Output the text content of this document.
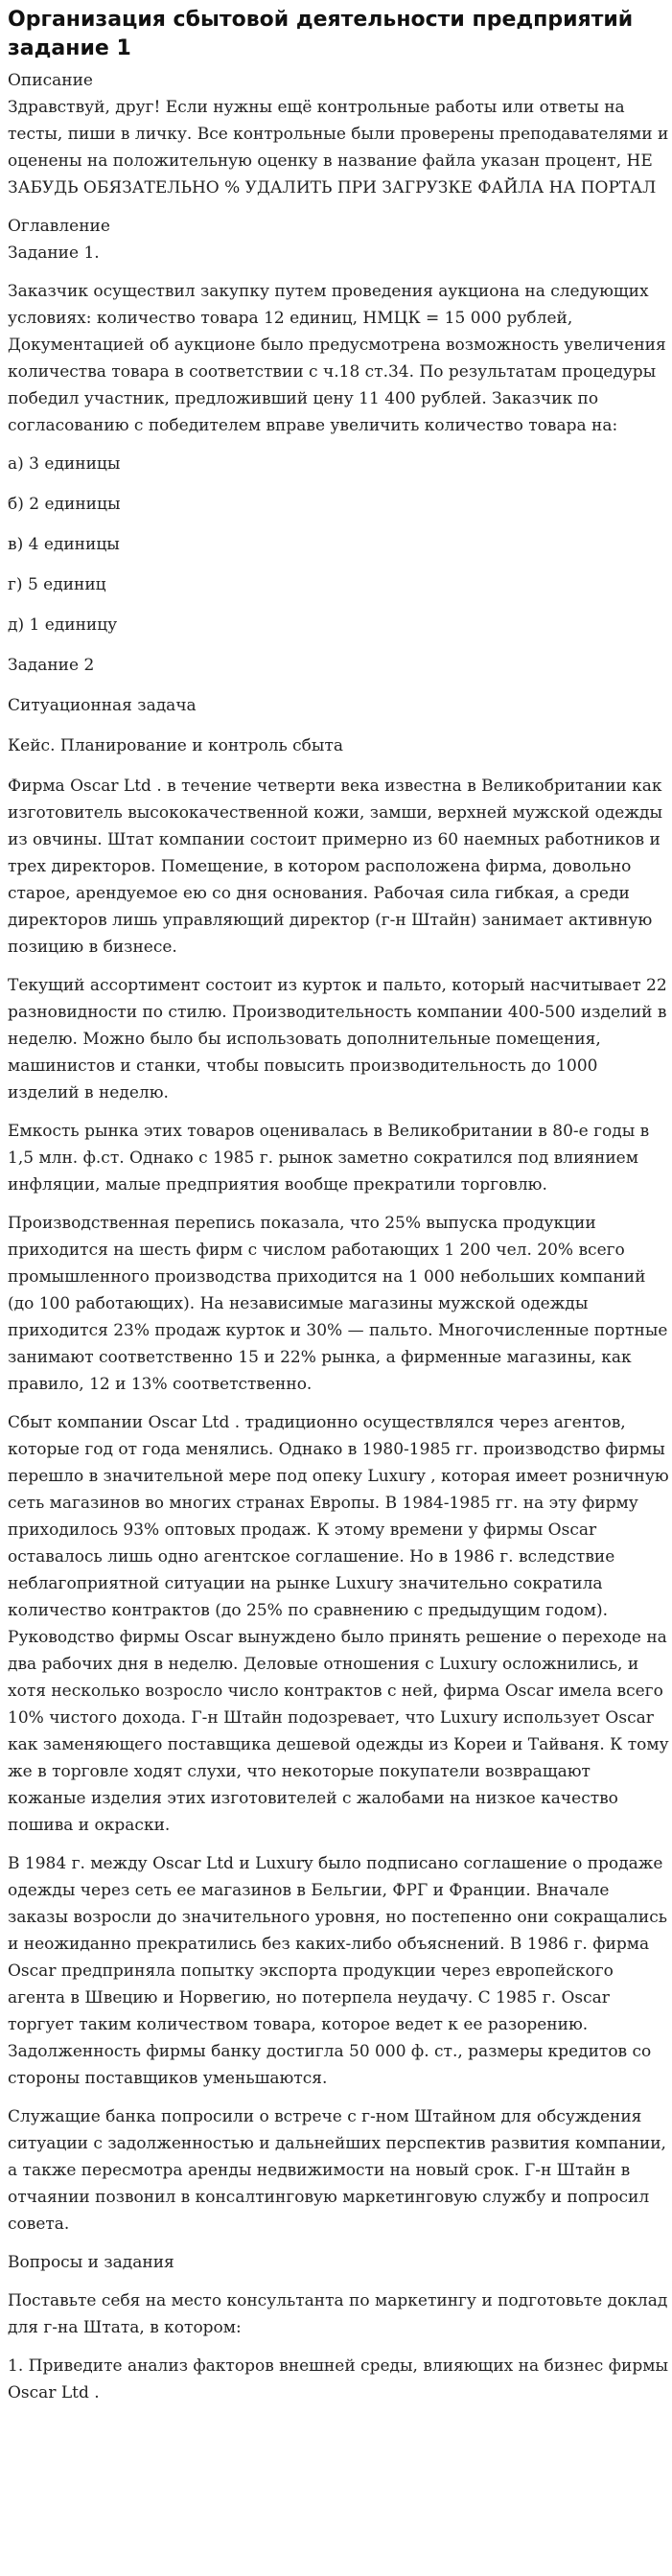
Организация сбытовой деятельности предприятий задание 1
Описание
Здравствуй, друг! Если нужны ещё контрольные работы или ответы на тесты, пиши в личку. Все контрольные были проверены преподавателями и оценены на положительную оценку в название файла указан процент, НЕ ЗАБУДЬ ОБЯЗАТЕЛЬНО % УДАЛИТЬ ПРИ ЗАГРУЗКЕ ФАЙЛА НА ПОРТАЛ
Оглавление
Задание 1.
Заказчик осуществил закупку путем проведения аукциона на следующих условиях: количество товара 12 единиц, НМЦК = 15 000 рублей, Документацией об аукционе было предусмотрена возможность увеличения количества товара в соответствии с ч.18 ст.34. По результатам процедуры победил участник, предложивший цену 11 400 рублей. Заказчик по согласованию с победителем вправе увеличить количество товара на:
а) 3 единицы
б) 2 единицы
в) 4 единицы
г) 5 единиц
д) 1 единицу
Задание 2
Ситуационная задача
Кейс. Планирование и контроль сбыта
Фирма Oscar Ltd . в течение четверти века известна в Великобритании как изготовитель высококачественной кожи, замши, верхней мужской одежды из овчины. Штат компании состоит примерно из 60 наемных работников и трех директоров. Помещение, в котором расположена фирма, довольно старое, арендуемое ею со дня основания. Рабочая сила гибкая, а среди директоров лишь управляющий директор (г-н Штайн) занимает активную позицию в бизнесе.
Текущий ассортимент состоит из курток и пальто, который насчитывает 22 разновидности по стилю. Производительность компании 400-500 изделий в неделю. Можно было бы использовать дополнительные помещения, машинистов и станки, чтобы повысить производительность до 1000 изделий в неделю.
Емкость рынка этих товаров оценивалась в Великобритании в 80-е годы в 1,5 млн. ф.ст. Однако с 1985 г. рынок заметно сократился под влиянием инфляции, малые предприятия вообще прекратили торговлю.
Производственная перепись показала, что 25% выпуска продукции приходится на шесть фирм с числом работающих 1 200 чел. 20% всего промышленного производства приходится на 1 000 небольших компаний (до 100 работающих). На независимые магазины мужской одежды приходится 23% продаж курток и 30% — пальто. Многочисленные портные занимают соответственно 15 и 22% рынка, а фирменные магазины, как правило, 12 и 13% соответственно.
Сбыт компании Oscar Ltd . традиционно осуществлялся через агентов, которые год от года менялись. Однако в 1980-1985 гг. производство фирмы перешло в значительной мере под опеку Luxury , которая имеет розничную сеть магазинов во многих странах Европы. В 1984-1985 гг. на эту фирму приходилось 93% оптовых продаж. К этому времени у фирмы Oscar оставалось лишь одно агентское соглашение. Но в 1986 г. вследствие неблагоприятной ситуации на рынке Luxury значительно сократила количество контрактов (до 25% по сравнению с предыдущим годом). Руководство фирмы Oscar вынуждено было принять решение о переходе на два рабочих дня в неделю. Деловые отношения с Luxury осложнились, и хотя несколько возросло число контрактов с ней, фирма Oscar имела всего 10% чистого дохода. Г-н Штайн подозревает, что Luxury использует Oscar как заменяющего поставщика дешевой одежды из Кореи и Тайваня. К тому же в торговле ходят слухи, что некоторые покупатели возвращают кожаные изделия этих изготовителей с жалобами на низкое качество пошива и окраски.
В 1984 г. между Oscar Ltd и Luxury было подписано соглашение о продаже одежды через сеть ее магазинов в Бельгии, ФРГ и Франции. Вначале заказы возросли до значительного уровня, но постепенно они сокращались и неожиданно прекратились без каких-либо объяснений. В 1986 г. фирма Oscar предприняла попытку экспорта продукции через европейского агента в Швецию и Норвегию, но потерпела неудачу. С 1985 г. Oscar торгует таким количеством товара, которое ведет к ее разорению. Задолженность фирмы банку достигла 50 000 ф. ст., размеры кредитов со стороны поставщиков уменьшаются.
Служащие банка попросили о встрече с г-ном Штайном для обсуждения ситуации с задолженностью и дальнейших перспектив развития компании, а также пересмотра аренды недвижимости на новый срок. Г-н Штайн в отчаянии позвонил в консалтинговую маркетинговую службу и попросил совета.
Вопросы и задания
Поставьте себя на место консультанта по маркетингу и подготовьте доклад для г-на Штата, в котором:
1. Приведите анализ факторов внешней среды, влияющих на бизнес фирмы Oscar Ltd .
